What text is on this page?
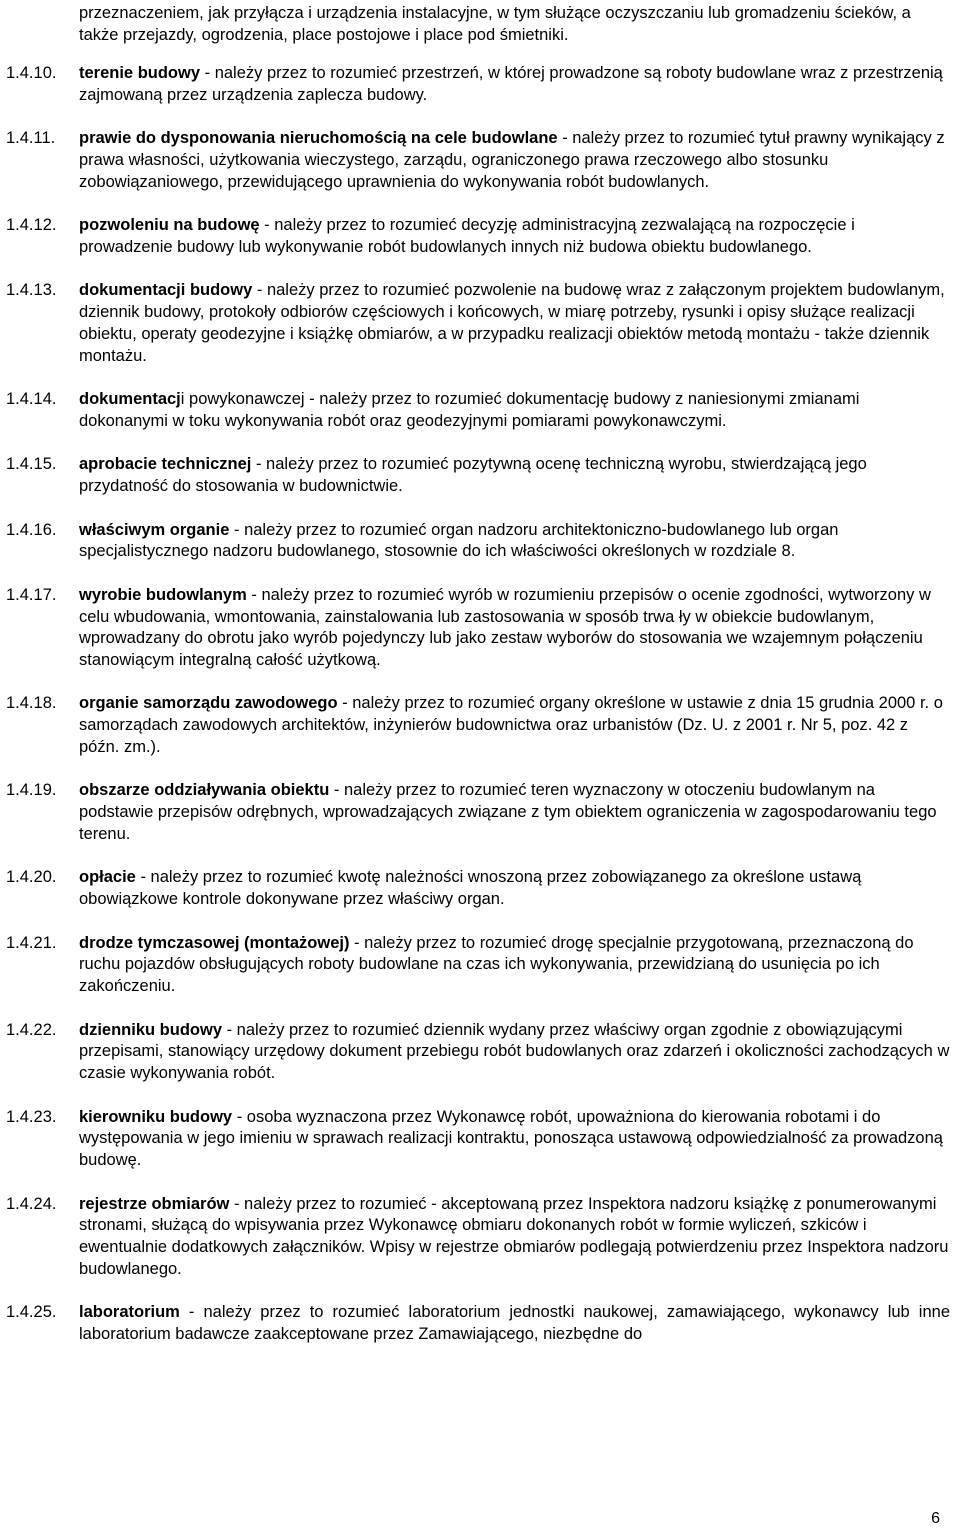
przeznaczeniem, jak przyłącza i urządzenia instalacyjne, w tym służące oczyszczaniu lub gromadzeniu ścieków, a także przejazdy, ogrodzenia, place postojowe i place pod śmietniki.
1.4.10. terenie budowy - należy przez to rozumieć przestrzeń, w której prowadzone są roboty budowlane wraz z przestrzenią zajmowaną przez urządzenia zaplecza budowy.
1.4.11. prawie do dysponowania nieruchomością na cele budowlane - należy przez to rozumieć tytuł prawny wynikający z prawa własności, użytkowania wieczystego, zarządu, ograniczonego prawa rzeczowego albo stosunku zobowiązaniowego, przewidującego uprawnienia do wykonywania robót budowlanych.
1.4.12. pozwoleniu na budowę - należy przez to rozumieć decyzję administracyjną zezwalającą na rozpoczęcie i prowadzenie budowy lub wykonywanie robót budowlanych innych niż budowa obiektu budowlanego.
1.4.13. dokumentacji budowy - należy przez to rozumieć pozwolenie na budowę wraz z załączonym projektem budowlanym, dziennik budowy, protokoły odbiorów częściowych i końcowych, w miarę potrzeby, rysunki i opisy służące realizacji obiektu, operaty geodezyjne i książkę obmiarów, a w przypadku realizacji obiektów metodą montażu - także dziennik montażu.
1.4.14. dokumentacji powykonawczej - należy przez to rozumieć dokumentację budowy z naniesionymi zmianami dokonanymi w toku wykonywania robót oraz geodezyjnymi pomiarami powykonawczymi.
1.4.15. aprobacie technicznej - należy przez to rozumieć pozytywną ocenę techniczną wyrobu, stwierdzającą jego przydatność do stosowania w budownictwie.
1.4.16. właściwym organie - należy przez to rozumieć organ nadzoru architektoniczno-budowlanego lub organ specjalistycznego nadzoru budowlanego, stosownie do ich właściwości określonych w rozdziale 8.
1.4.17. wyrobie budowlanym - należy przez to rozumieć wyrób w rozumieniu przepisów o ocenie zgodności, wytworzony w celu wbudowania, wmontowania, zainstalowania lub zastosowania w sposób trwa ły w obiekcie budowlanym, wprowadzany do obrotu jako wyrób pojedynczy lub jako zestaw wyborów do stosowania we wzajemnym połączeniu stanowiącym integralną całość użytkową.
1.4.18. organie samorządu zawodowego - należy przez to rozumieć organy określone w ustawie z dnia 15 grudnia 2000 r. o samorządach zawodowych architektów, inżynierów budownictwa oraz urbanistów (Dz. U. z 2001 r. Nr 5, poz. 42 z późn. zm.).
1.4.19. obszarze oddziaływania obiektu - należy przez to rozumieć teren wyznaczony w otoczeniu budowlanym na podstawie przepisów odrębnych, wprowadzających związane z tym obiektem ograniczenia w zagospodarowaniu tego terenu.
1.4.20. opłacie - należy przez to rozumieć kwotę należności wnoszoną przez zobowiązanego za określone ustawą obowiązkowe kontrole dokonywane przez właściwy organ.
1.4.21. drodze tymczasowej (montażowej) - należy przez to rozumieć drogę specjalnie przygotowaną, przeznaczoną do ruchu pojazdów obsługujących roboty budowlane na czas ich wykonywania, przewidzianą do usunięcia po ich zakończeniu.
1.4.22. dzienniku budowy - należy przez to rozumieć dziennik wydany przez właściwy organ zgodnie z obowiązującymi przepisami, stanowiący urzędowy dokument przebiegu robót budowlanych oraz zdarzeń i okoliczności zachodzących w czasie wykonywania robót.
1.4.23. kierowniku budowy - osoba wyznaczona przez Wykonawcę robót, upoważniona do kierowania robotami i do występowania w jego imieniu w sprawach realizacji kontraktu, ponosząca ustawową odpowiedzialność za prowadzoną budowę.
1.4.24. rejestrze obmiarów - należy przez to rozumieć - akceptowaną przez Inspektora nadzoru książkę z ponumerowanymi stronami, służącą do wpisywania przez Wykonawcę obmiaru dokonanych robót w formie wyliczeń, szkiców i ewentualnie dodatkowych załączników. Wpisy w rejestrze obmiarów podlegają potwierdzeniu przez Inspektora nadzoru budowlanego.
1.4.25. laboratorium - należy przez to rozumieć laboratorium jednostki naukowej, zamawiającego, wykonawcy lub inne laboratorium badawcze zaakceptowane przez Zamawiającego, niezbędne do
6
